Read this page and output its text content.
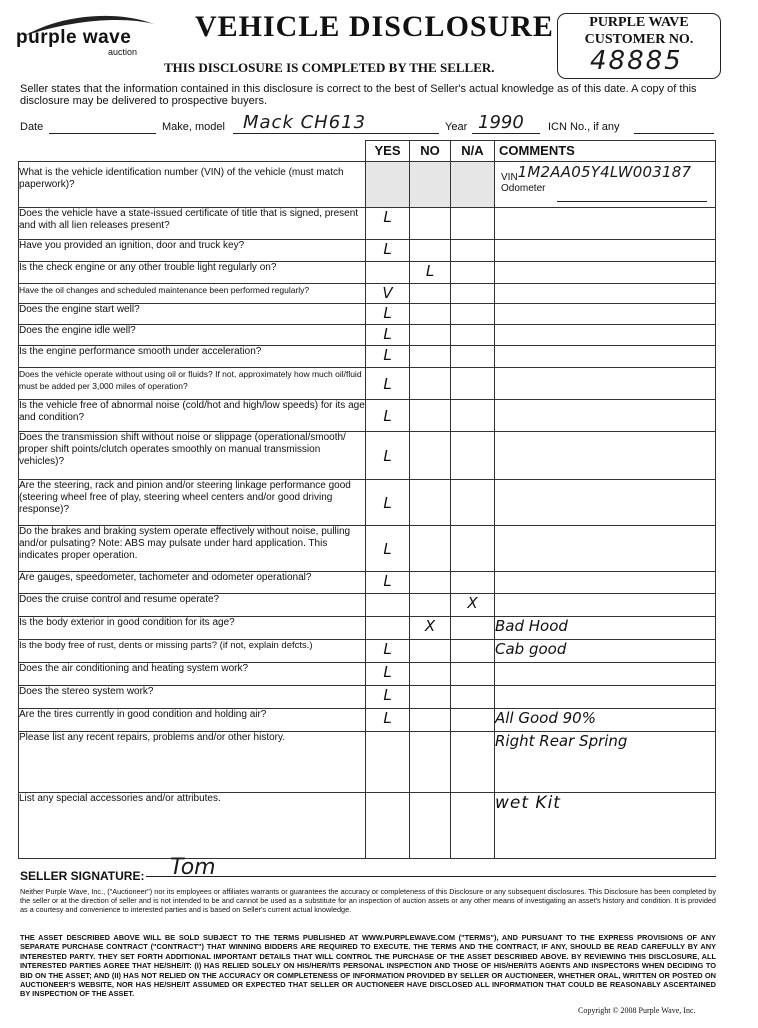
purple wave
auction
VEHICLE DISCLOSURE
THIS DISCLOSURE IS COMPLETED BY THE SELLER.
PURPLE WAVE
CUSTOMER NO.
48885
Seller states that the information contained in this disclosure is correct to the best of Seller's actual knowledge as of this date. A copy of this disclosure may be delivered to prospective buyers.
Date	Make, model Mack CH613	Year 1990 ICN No., if any
	YES	NO	N/A	COMMENTS
What is the vehicle identification number (VIN) of the vehicle (must match paperwork)?				VIN1M2AA05Y4LW003187
Odometer

Does the vehicle have a state-issued certificate of title that is signed, present and with all lien releases present?	L			
Have you provided an ignition, door and truck key?	L			
Is the check engine or any other trouble light regularly on?		L		
Have the oil changes and scheduled maintenance been performed regularly?	V			
Does the engine start well?	L			
Does the engine idle well?	L			
Is the engine performance smooth under acceleration?	L			
Does the vehicle operate without using oil or fluids? If not, approximately how much oil/fluid must be added per 3,000 miles of operation?	L			
Is the vehicle free of abnormal noise (cold/hot and high/low speeds) for its age and condition?	L			
Does the transmission shift without noise or slippage (operational/smooth/ proper shift points/clutch operates smoothly on manual transmission vehicles)?	L			
Are the steering, rack and pinion and/or steering linkage performance good (steering wheel free of play, steering wheel centers and/or good driving response)?	L			
Do the brakes and braking system operate effectively without noise, pulling and/or pulsating? Note: ABS may pulsate under hard application. This indicates proper operation.	L			
Are gauges, speedometer, tachometer and odometer operational?	L			
Does the cruise control and resume operate?			X	
Is the body exterior in good condition for its age?		X		Bad Hood
Is the body free of rust, dents or missing parts? (if not, explain defcts.)	L			Cab good
Does the air conditioning and heating system work?	L			
Does the stereo system work?	L			
Are the tires currently in good condition and holding air?	L			All Good 90%
Please list any recent repairs, problems and/or other history.				Right Rear Spring
List any special accessories and/or attributes.				wet Kit
SELLER SIGNATURE: Tom
Neither Purple Wave, Inc., ("Auctioneer") nor its employees or affiliates warrants or guarantees the accuracy or completeness of this Disclosure or any subsequent disclosures. This Disclosure has been completed by the seller or at the direction of seller and is not intended to be and cannot be used as a substitute for an inspection of auction assets or any other means of investigating an asset's history and condition. It is provided as a courtesy and convenience to interested parties and is based on Seller's current actual knowledge.
THE ASSET DESCRIBED ABOVE WILL BE SOLD SUBJECT TO THE TERMS PUBLISHED AT WWW.PURPLEWAVE.COM ("TERMS"), AND PURSUANT TO THE EXPRESS PROVISIONS OF ANY SEPARATE PURCHASE CONTRACT ("CONTRACT") THAT WINNING BIDDERS ARE REQUIRED TO EXECUTE. THE TERMS AND THE CONTRACT, IF ANY, SHOULD BE READ CAREFULLY BY ANY INTERESTED PARTY. THEY SET FORTH ADDITIONAL IMPORTANT DETAILS THAT WILL CONTROL THE PURCHASE OF THE ASSET DESCRIBED ABOVE. BY REVIEWING THIS DISCLOSURE, ALL INTERESTED PARTIES AGREE THAT HE/SHE/IT: (I) HAS RELIED SOLELY ON HIS/HER/ITS PERSONAL INSPECTION AND THOSE OF HIS/HER/ITS AGENTS AND INSPECTORS WHEN DECIDING TO BID ON THE ASSET; AND (II) HAS NOT RELIED ON THE ACCURACY OR COMPLETENESS OF INFORMATION PROVIDED BY SELLER OR AUCTIONEER, WHETHER ORAL, WRITTEN OR POSTED ON AUCTIONEER'S WEBSITE, NOR HAS HE/SHE/IT ASSUMED OR EXPECTED THAT SELLER OR AUCTIONEER HAVE DISCLOSED ALL INFORMATION THAT COULD BE REASONABLY ASCERTAINED BY INSPECTION OF THE ASSET.
Copyright © 2008 Purple Wave, Inc.
